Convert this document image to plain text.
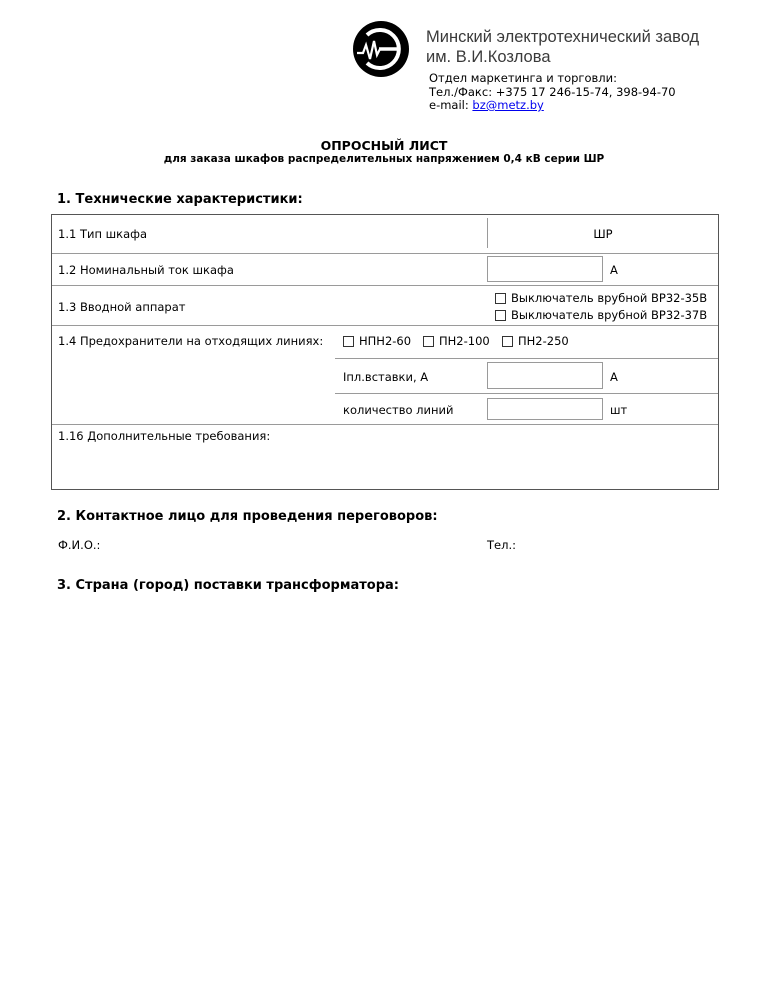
Минский электротехнический завод
им. В.И.Козлова
Отдел маркетинга и торговли:
Тел./Факс: +375 17 246-15-74, 398-94-70
e-mail: bz@metz.by
ОПРОСНЫЙ ЛИСТ
для заказа шкафов распределительных напряжением 0,4 кВ серии ШР
1. Технические характеристики:
1.1 Тип шкафа	ШР
1.2 Номинальный ток шкафа	А
1.3 Вводной аппарат
Выключатель врубной ВР32-35В
Выключатель врубной ВР32-37В
1.4 Предохранители на отходящих линиях:	НПН2-60 ПН2-100 ПН2-250
Iпл.вставки, А	А
количество линий	шт
1.16 Дополнительные требования:
2. Контактное лицо для проведения переговоров:
Ф.И.О.:	Тел.:
3. Страна (город) поставки трансформатора:
